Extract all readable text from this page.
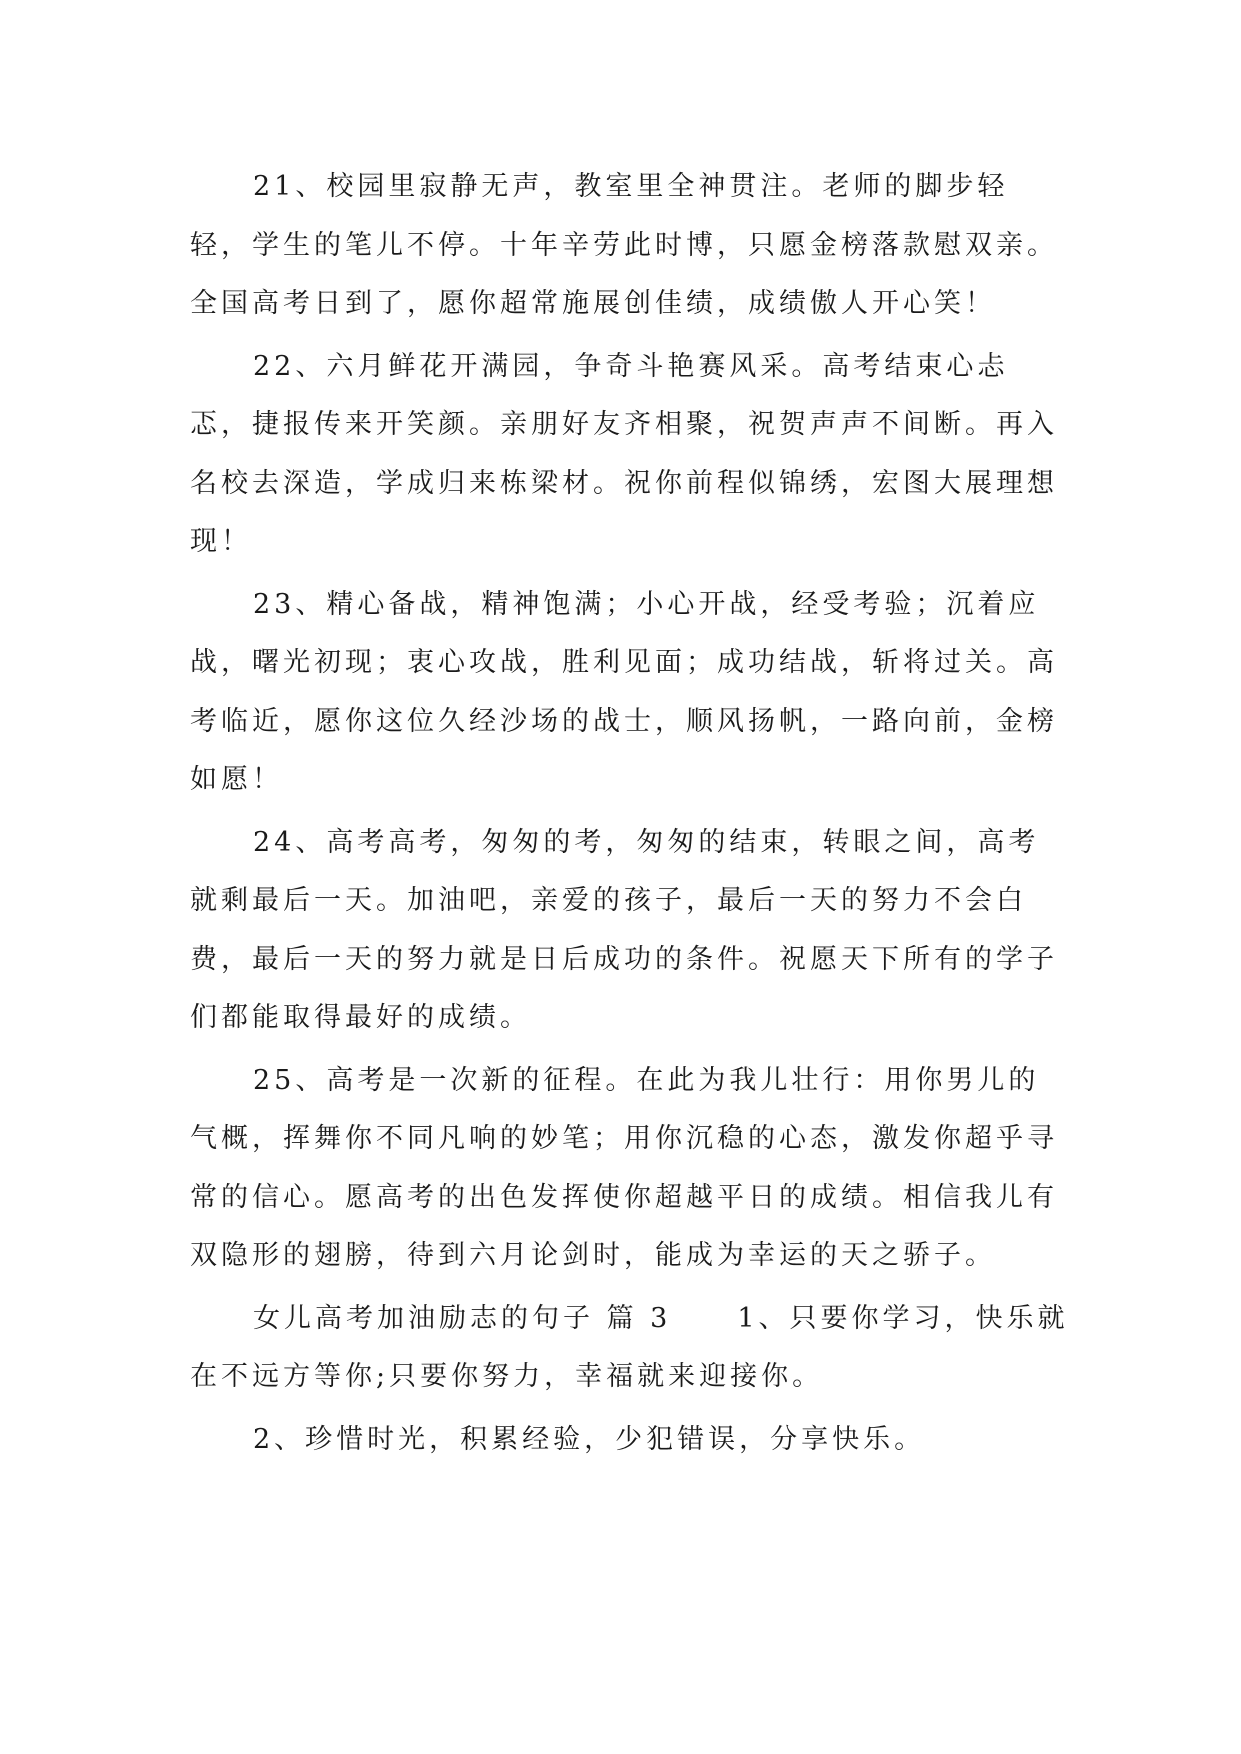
21、校园里寂静无声，教室里全神贯注。老师的脚步轻轻，学生的笔儿不停。十年辛劳此时博，只愿金榜落款慰双亲。全国高考日到了，愿你超常施展创佳绩，成绩傲人开心笑！

22、六月鲜花开满园，争奇斗艳赛风采。高考结束心忐忑，捷报传来开笑颜。亲朋好友齐相聚，祝贺声声不间断。再入名校去深造，学成归来栋梁材。祝你前程似锦绣，宏图大展理想现！

23、精心备战，精神饱满；小心开战，经受考验；沉着应战，曙光初现；衷心攻战，胜利见面；成功结战，斩将过关。高考临近，愿你这位久经沙场的战士，顺风扬帆，一路向前，金榜如愿！

24、高考高考，匆匆的考，匆匆的结束，转眼之间，高考就剩最后一天。加油吧，亲爱的孩子，最后一天的努力不会白费，最后一天的努力就是日后成功的条件。祝愿天下所有的学子们都能取得最好的成绩。

25、高考是一次新的征程。在此为我儿壮行：用你男儿的气概，挥舞你不同凡响的妙笔；用你沉稳的心态，激发你超乎寻常的信心。愿高考的出色发挥使你超越平日的成绩。相信我儿有双隐形的翅膀，待到六月论剑时，能成为幸运的天之骄子。

女儿高考加油励志的句子 篇 3 1、只要你学习，快乐就在不远方等你;只要你努力，幸福就来迎接你。

2、珍惜时光，积累经验，少犯错误，分享快乐。
